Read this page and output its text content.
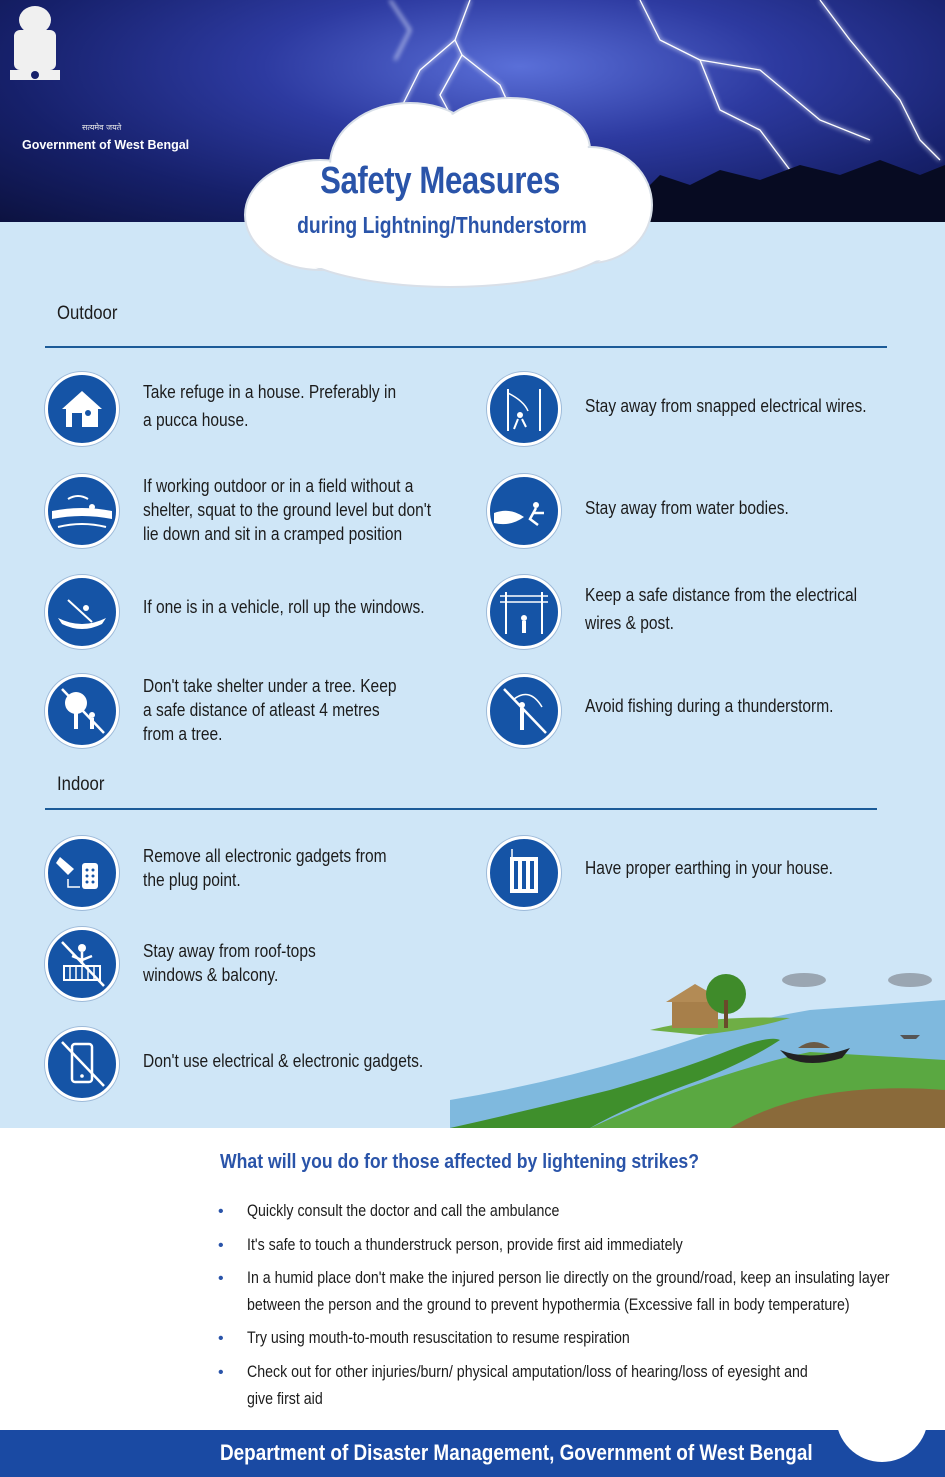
सत्यमेव जयते
Government of West Bengal
Safety Measures
during Lightning/Thunderstorm
Outdoor
Take refuge in a house. Preferably in
a pucca house.
If working outdoor or in a field without a
shelter, squat to the ground level but don't
lie down and sit in a cramped position
If one is in a vehicle, roll up the windows.
Don't take shelter under a tree. Keep
a safe distance of atleast 4 metres
from a tree.
Stay away from snapped electrical wires.
Stay away from water bodies.
Keep a safe distance from the electrical
wires & post.
Avoid fishing during a thunderstorm.
Indoor
Remove all electronic gadgets from
the plug point.
Stay away from roof-tops
windows & balcony.
Don't use electrical & electronic gadgets.
Have proper earthing in your house.
What will you do for those affected by lightening strikes?
• Quickly consult the doctor and call the ambulance
• It's safe to touch a thunderstruck person, provide first aid immediately
• In a humid place don't make the injured person lie directly on the ground/road, keep an insulating layer
between the person and the ground to prevent hypothermia (Excessive fall in body temperature)
• Try using mouth-to-mouth resuscitation to resume respiration
• Check out for other injuries/burn/ physical amputation/loss of hearing/loss of eyesight and
give first aid
Department of Disaster Management, Government of West Bengal
